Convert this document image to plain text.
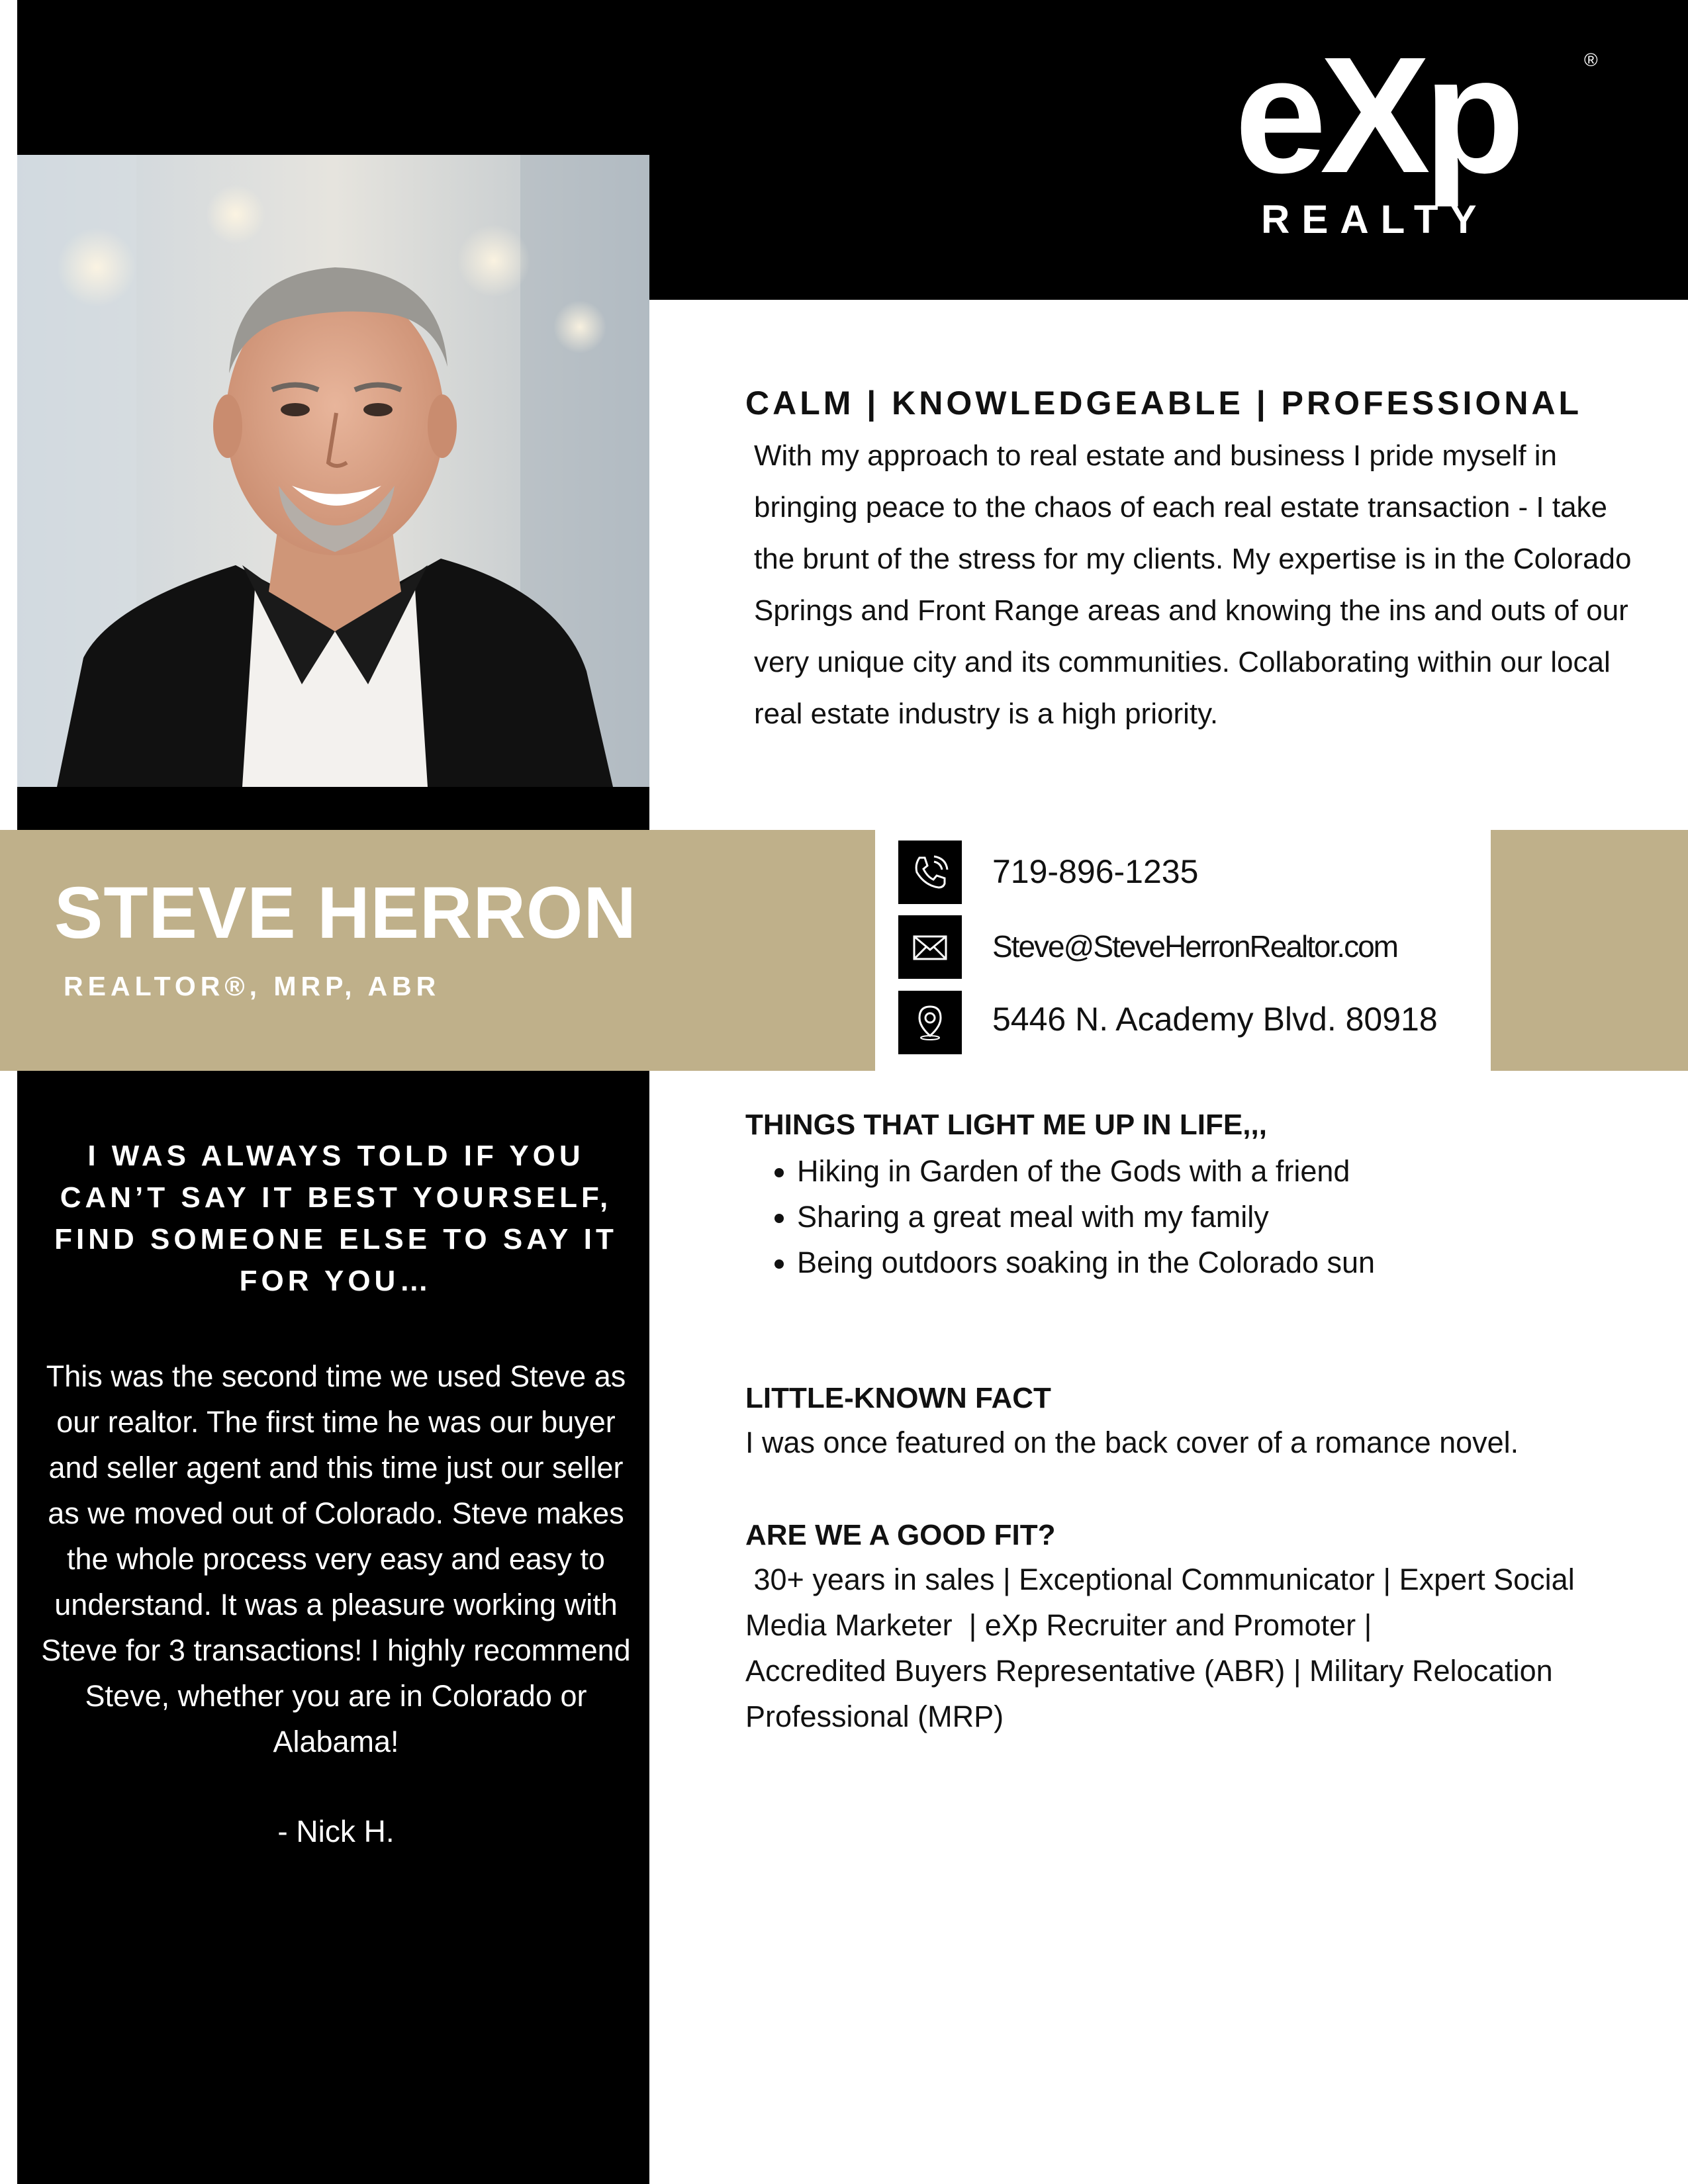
eXp	®
REALTY
STEVE HERRON
REALTOR®, MRP, ABR
719-896-1235
Steve@SteveHerronRealtor.com
5446 N. Academy Blvd. 80918
CALM | KNOWLEDGEABLE | PROFESSIONAL
With my approach to real estate and business I pride myself in bringing peace to the chaos of each real estate transaction - I take the brunt of the stress for my clients. My expertise is in the Colorado Springs and Front Range areas and knowing the ins and outs of our very unique city and its communities. Collaborating within our local real estate industry is a high priority.
THINGS THAT LIGHT ME UP IN LIFE,,,
• Hiking in Garden of the Gods with a friend
• Sharing a great meal with my family
• Being outdoors soaking in the Colorado sun
LITTLE-KNOWN FACT
I was once featured on the back cover of a romance novel.
ARE WE A GOOD FIT?
30+ years in sales | Exceptional Communicator | Expert Social
Media Marketer  | eXp Recruiter and Promoter |
Accredited Buyers Representative (ABR) | Military Relocation
Professional (MRP)
I WAS ALWAYS TOLD IF YOU CAN’T SAY IT BEST YOURSELF, FIND SOMEONE ELSE TO SAY IT FOR YOU…
This was the second time we used Steve as our realtor. The first time he was our buyer and seller agent and this time just our seller as we moved out of Colorado. Steve makes the whole process very easy and easy to understand. It was a pleasure working with Steve for 3 transactions! I highly recommend Steve, whether you are in Colorado or Alabama!
- Nick H.
